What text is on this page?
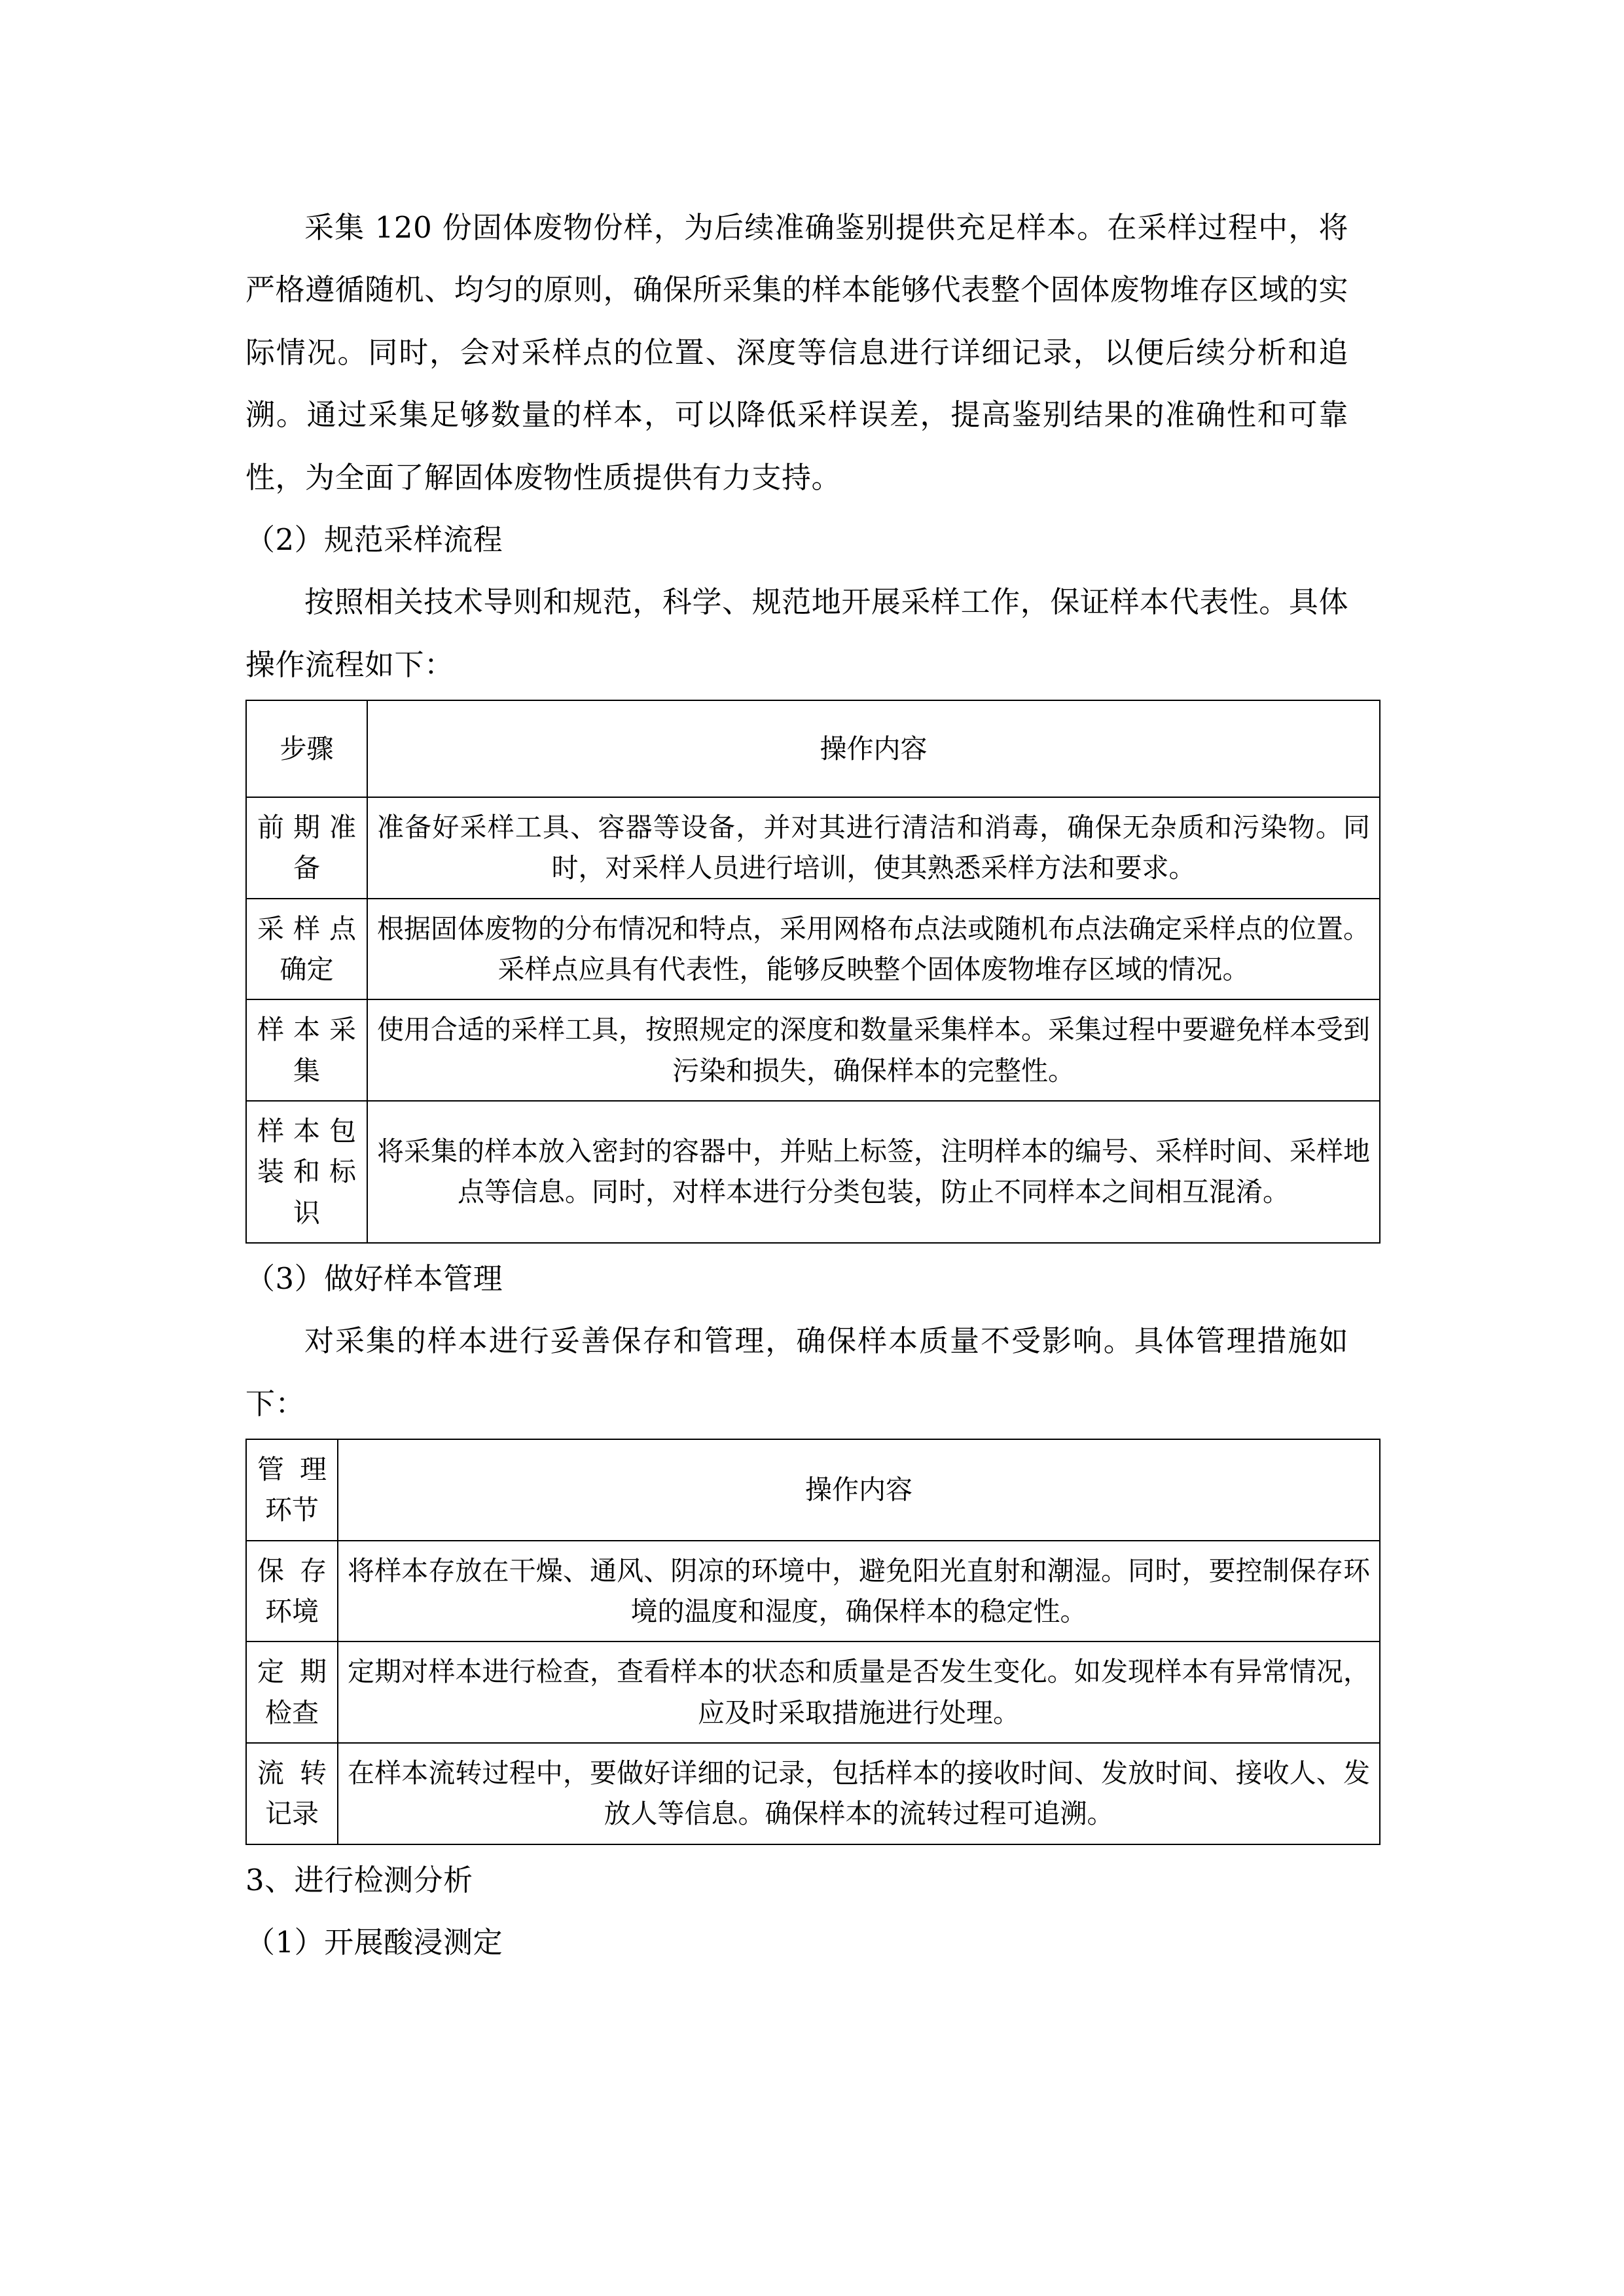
采集 120 份固体废物份样，为后续准确鉴别提供充足样本。在采样过程中，将严格遵循随机、均匀的原则，确保所采集的样本能够代表整个固体废物堆存区域的实际情况。同时，会对采样点的位置、深度等信息进行详细记录，以便后续分析和追溯。通过采集足够数量的样本，可以降低采样误差，提高鉴别结果的准确性和可靠性，为全面了解固体废物性质提供有力支持。

（2）规范采样流程

按照相关技术导则和规范，科学、规范地开展采样工作，保证样本代表性。具体操作流程如下：

步骤	操作内容
前期准备	准备好采样工具、容器等设备，并对其进行清洁和消毒，确保无杂质和污染物。同时，对采样人员进行培训，使其熟悉采样方法和要求。
采样点确定	根据固体废物的分布情况和特点，采用网格布点法或随机布点法确定采样点的位置。采样点应具有代表性，能够反映整个固体废物堆存区域的情况。
样本采集	使用合适的采样工具，按照规定的深度和数量采集样本。采集过程中要避免样本受到污染和损失，确保样本的完整性。
样本包装和标识	将采集的样本放入密封的容器中，并贴上标签，注明样本的编号、采样时间、采样地点等信息。同时，对样本进行分类包装，防止不同样本之间相互混淆。

（3）做好样本管理

对采集的样本进行妥善保存和管理，确保样本质量不受影响。具体管理措施如下：

管理环节	操作内容
保存环境	将样本存放在干燥、通风、阴凉的环境中，避免阳光直射和潮湿。同时，要控制保存环境的温度和湿度，确保样本的稳定性。
定期检查	定期对样本进行检查，查看样本的状态和质量是否发生变化。如发现样本有异常情况，应及时采取措施进行处理。
流转记录	在样本流转过程中，要做好详细的记录，包括样本的接收时间、发放时间、接收人、发放人等信息。确保样本的流转过程可追溯。

3、进行检测分析

（1）开展酸浸测定
